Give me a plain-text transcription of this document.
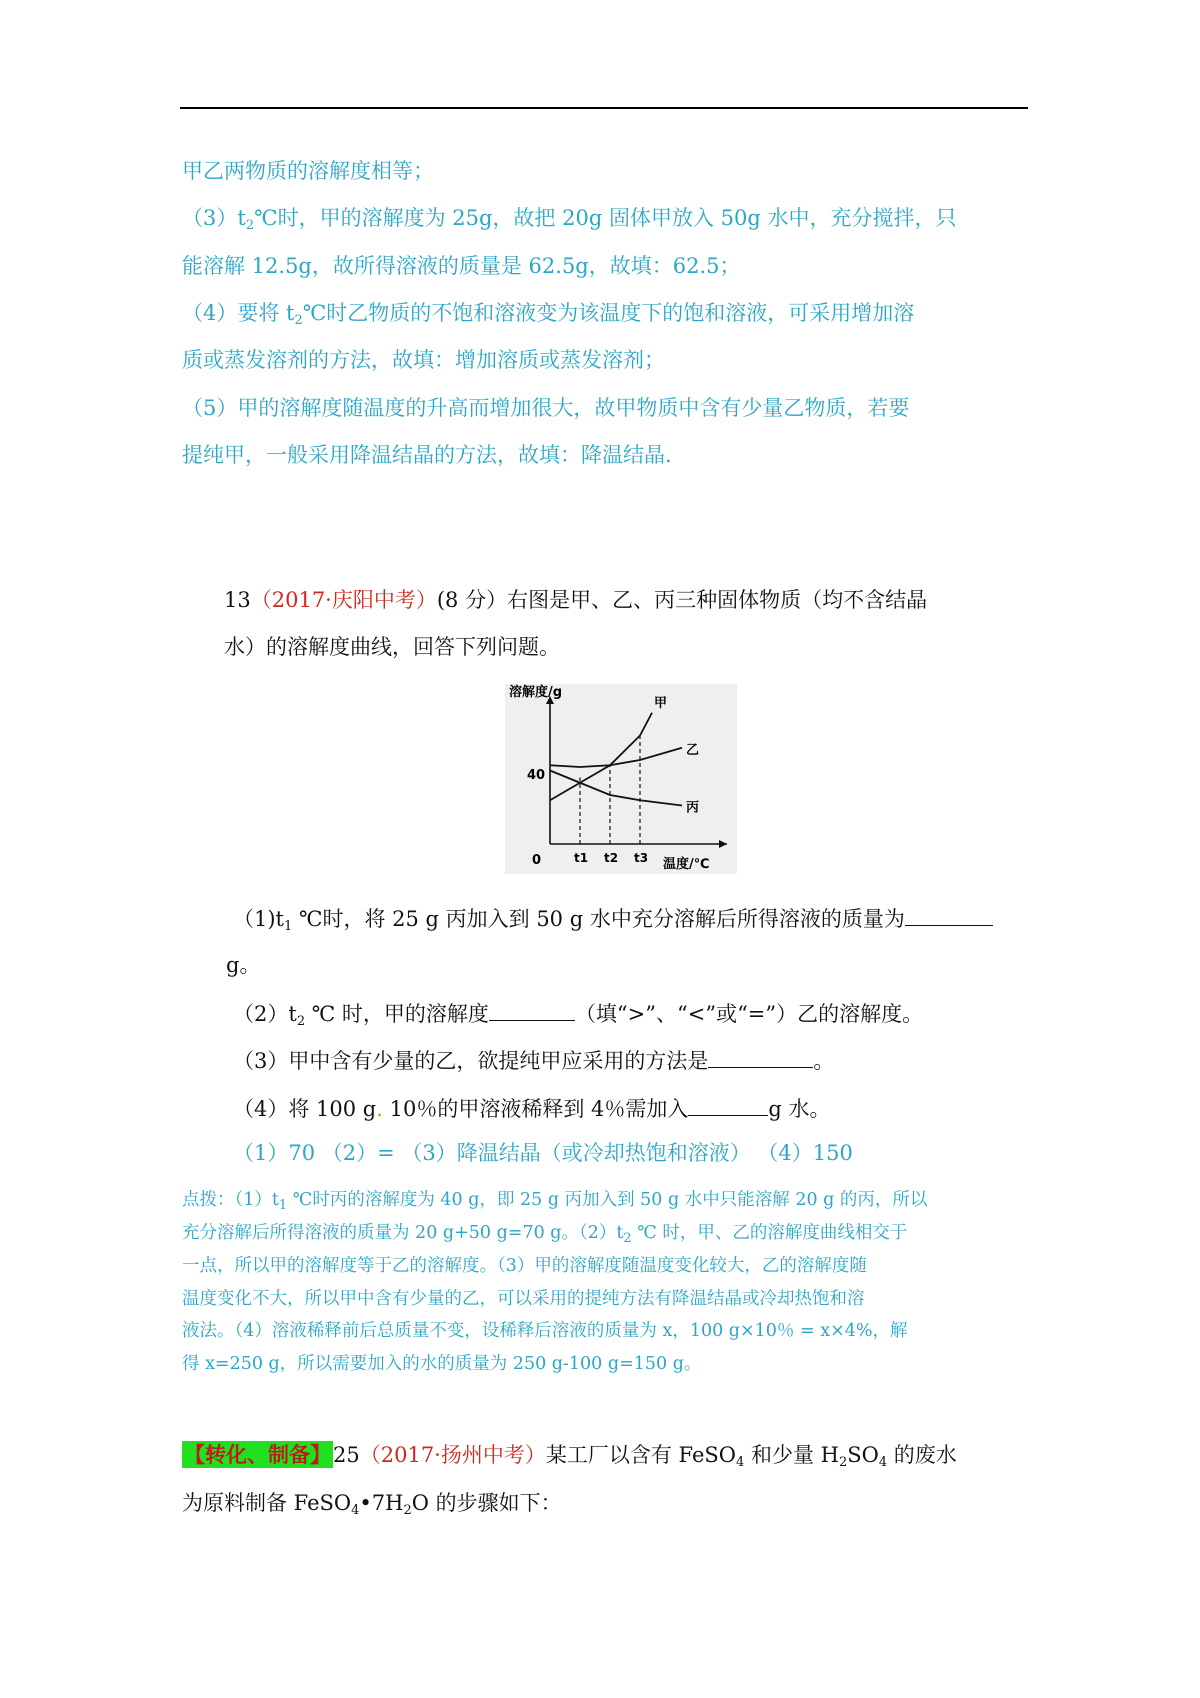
甲乙两物质的溶解度相等；
$(3)t_2℃$时，甲的溶解度为 25g，故把 20g 固体甲放入 50g 水中，充分搅拌，只
能溶解 12.5g，故所得溶液的质量是 62.5g，故填：62.5；
（4）要将 $t_2℃$时乙物质的不饱和溶液变为该温度下的饱和溶液，可采用增加溶
质或蒸发溶剂的方法，故填：增加溶质或蒸发溶剂；
（5）甲的溶解度随温度的升高而增加很大，故甲物质中含有少量乙物质，若要
提纯甲，一般采用降温结晶的方法，故填：降温结晶.
13（2017·庆阳中考）(8 分）右图是甲、乙、丙三种固体物质（均不含结晶
水）的溶解度曲线，回答下列问题。
溶解度/g
温度/℃
40
0	t1 t2 t3
甲
乙
丙
$(1)t_1$ ℃时，将 25 g 丙加入到 50 g 水中充分溶解后所得溶液的质量为
g。
$(2)t_2$ ℃ 时，甲的溶解度	（填“>”、“<”或“=”）乙的溶解度。
（3）甲中含有少量的乙，欲提纯甲应采用的方法是	。
（4）将 100 g. 10％的甲溶液稀释到 4％需加入	g 水。
（1）70 （2）= （3）降温结晶（或冷却热饱和溶液） （4）150
点拨：$(1)t_1$ ℃时丙的溶解度为 40 g，即 25 g 丙加入到 50 g 水中只能溶解 20 g 的丙，所以
充分溶解后所得溶液的质量为 20 g+50 g=70 g。$(2)t_2$ ℃ 时，甲、乙的溶解度曲线相交于
一点，所以甲的溶解度等于乙的溶解度。（3）甲的溶解度随温度变化较大，乙的溶解度随
温度变化不大，所以甲中含有少量的乙，可以采用的提纯方法有降温结晶或冷却热饱和溶
液法。（4）溶液稀释前后总质量不变，设稀释后溶液的质量为 x，100 g×10％ = x×4%，解
得 x=250 g，所以需要加入的水的质量为 250 g-100 g=150 g。
【转化、制备】25（2017·扬州中考）某工厂以含有 FeSO$_4$ 和少量 $H_2SO_4$ 的废水
为原料制备 $FeSO_4•7H_2O$ 的步骤如下：
